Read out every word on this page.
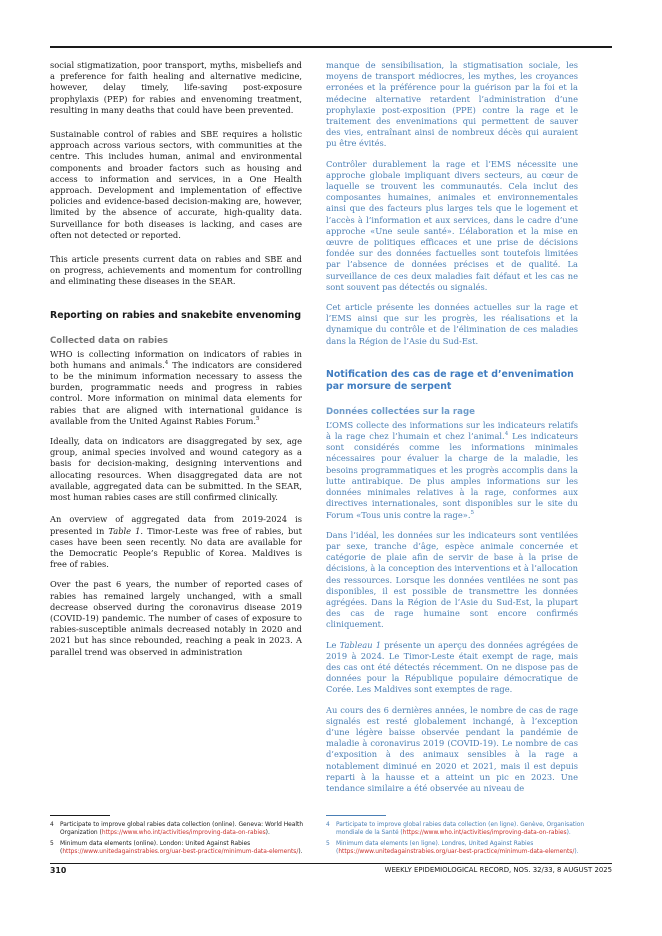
social stigmatization, poor transport, myths, misbeliefs and a preference for faith healing and alternative medicine, however, delay timely, life-saving post-exposure prophylaxis (PEP) for rabies and envenoming treatment, resulting in many deaths that could have been prevented.

Sustainable control of rabies and SBE requires a holistic approach across various sectors, with communities at the centre. This includes human, animal and environmental components and broader factors such as housing and access to information and services, in a One Health approach. Development and implementation of effective policies and evidence-based decision-making are, however, limited by the absence of accurate, high-quality data. Surveillance for both diseases is lacking, and cases are often not detected or reported.

This article presents current data on rabies and SBE and on progress, achievements and momentum for controlling and eliminating these diseases in the SEAR.

Reporting on rabies and snakebite envenoming
Collected data on rabies

WHO is collecting information on indicators of rabies in both humans and animals.$^4$ The indicators are considered to be the minimum information necessary to assess the burden, programmatic needs and progress in rabies control. More information on minimal data elements for rabies that are aligned with international guidance is available from the United Against Rabies Forum.$^5$

Ideally, data on indicators are disaggregated by sex, age group, animal species involved and wound category as a basis for decision-making, designing interventions and allocating resources. When disaggregated data are not available, aggregated data can be submitted. In the SEAR, most human rabies cases are still confirmed clinically.

An overview of aggregated data from 2019-2024 is presented in Table 1. Timor-Leste was free of rabies, but cases have been seen recently. No data are available for the Democratic People’s Republic of Korea. Maldives is free of rabies.

Over the past 6 years, the number of reported cases of rabies has remained largely unchanged, with a small decrease observed during the coronavirus disease 2019 (COVID-19) pandemic. The number of cases of exposure to rabies-susceptible animals decreased notably in 2020 and 2021 but has since rebounded, reaching a peak in 2023. A parallel trend was observed in administration

manque de sensibilisation, la stigmatisation sociale, les moyens de transport médiocres, les mythes, les croyances erronées et la préférence pour la guérison par la foi et la médecine alternative retardent l’administration d’une prophylaxie post-exposition (PPE) contre la rage et le traitement des envenimations qui permettent de sauver des vies, entraînant ainsi de nombreux décès qui auraient pu être évités.

Contrôler durablement la rage et l’EMS nécessite une approche globale impliquant divers secteurs, au cœur de laquelle se trouvent les communautés. Cela inclut des composantes humaines, animales et environnementales ainsi que des facteurs plus larges tels que le logement et l’accès à l’information et aux services, dans le cadre d’une approche «Une seule santé». L’élaboration et la mise en œuvre de politiques efficaces et une prise de décisions fondée sur des données factuelles sont toutefois limitées par l’absence de données précises et de qualité. La surveillance de ces deux maladies fait défaut et les cas ne sont souvent pas détectés ou signalés.

Cet article présente les données actuelles sur la rage et l’EMS ainsi que sur les progrès, les réalisations et la dynamique du contrôle et de l’élimination de ces maladies dans la Région de l’Asie du Sud-Est.

Notification des cas de rage et d’envenimation
par morsure de serpent
Données collectées sur la rage

L’OMS collecte des informations sur les indicateurs relatifs à la rage chez l’humain et chez l’animal.$^4$ Les indicateurs sont considérés comme les informations minimales nécessaires pour évaluer la charge de la maladie, les besoins programmatiques et les progrès accomplis dans la lutte antirabique. De plus amples informations sur les données minimales relatives à la rage, conformes aux directives internationales, sont disponibles sur le site du Forum «Tous unis contre la rage».$^5$

Dans l’idéal, les données sur les indicateurs sont ventilées par sexe, tranche d’âge, espèce animale concernée et catégorie de plaie afin de servir de base à la prise de décisions, à la conception des interventions et à l’allocation des ressources. Lorsque les données ventilées ne sont pas disponibles, il est possible de transmettre les données agrégées. Dans la Région de l’Asie du Sud-Est, la plupart des cas de rage humaine sont encore confirmés cliniquement.

Le Tableau 1 présente un aperçu des données agrégées de 2019 à 2024. Le Timor-Leste était exempt de rage, mais des cas ont été détectés récemment. On ne dispose pas de données pour la République populaire démocratique de Corée. Les Maldives sont exemptes de rage.

Au cours des 6 dernières années, le nombre de cas de rage signalés est resté globalement inchangé, à l’exception d’une légère baisse observée pendant la pandémie de maladie à coronavirus 2019 (COVID-19). Le nombre de cas d’exposition à des animaux sensibles à la rage a notablement diminué en 2020 et 2021, mais il est depuis reparti à la hausse et a atteint un pic en 2023. Une tendance similaire a été observée au niveau de

4	Participate to improve global rabies data collection (online). Geneva: World Health Organization (https://www.who.int/activities/improving-data-on-rabies).
5	Minimum data elements (online). London: United Against Rabies (https://www.unitedagainstrabies.org/uar-best-practice/minimum-data-elements/).
4	Participate to improve global rabies data collection (en ligne). Genève, Organisation mondiale de la Santé (https://www.who.int/activities/improving-data-on-rabies).
5	Minimum data elements (en ligne). Londres, United Against Rabies (https://www.unitedagainstrabies.org/uar-best-practice/minimum-data-elements/).
310	WEEKLY EPIDEMIOLOGICAL RECORD, NOS. 32/33, 8 AUGUST 2025
